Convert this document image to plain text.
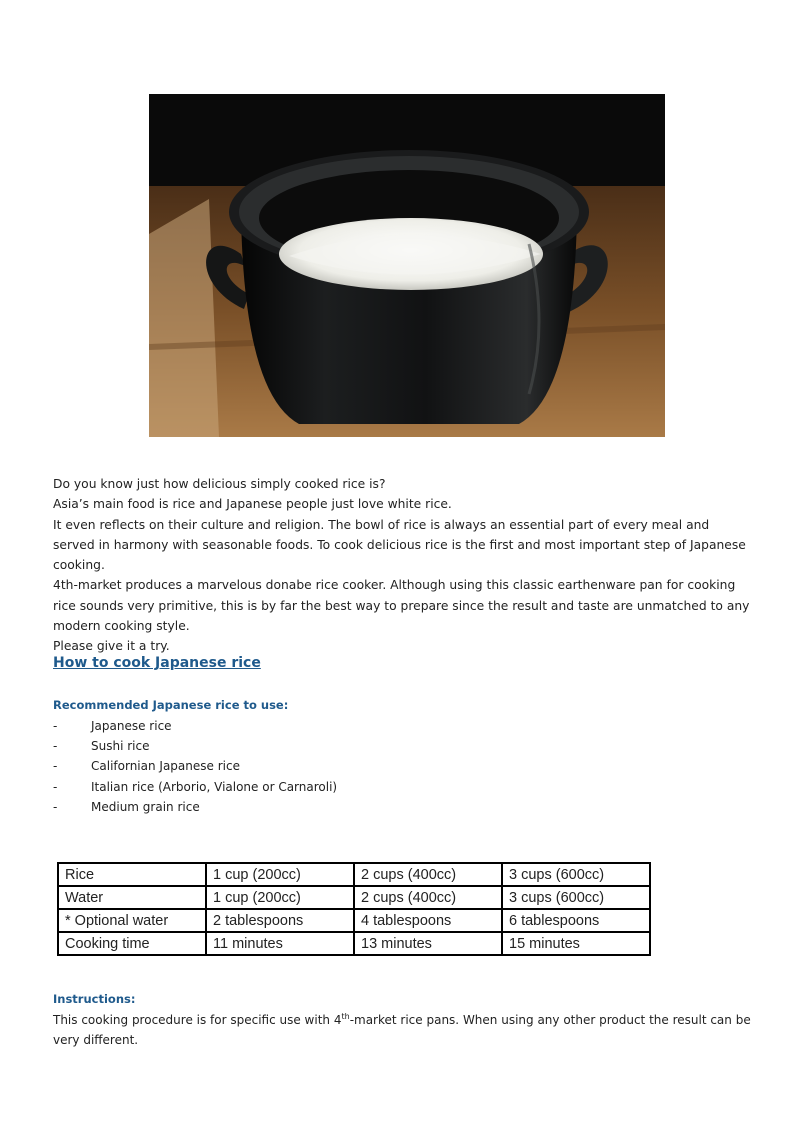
Do you know just how delicious simply cooked rice is?

Asia’s main food is rice and Japanese people just love white rice.

It even reflects on their culture and religion. The bowl of rice is always an essential part of every meal and served in harmony with seasonable foods. To cook delicious rice is the first and most important step of Japanese cooking.

4th-market produces a marvelous donabe rice cooker. Although using this classic earthenware pan for cooking rice sounds very primitive, this is by far the best way to prepare since the result and taste are unmatched to any modern cooking style.

Please give it a try.

How to cook Japanese rice
Recommended Japanese rice to use:
-	Japanese rice
-	Sushi rice
-	Californian Japanese rice
-	Italian rice (Arborio, Vialone or Carnaroli)
-	Medium grain rice
Rice	1 cup (200cc)	2 cups (400cc)	3 cups (600cc)
Water	1 cup (200cc)	2 cups (400cc)	3 cups (600cc)
* Optional water	2 tablespoons	4 tablespoons	6 tablespoons
Cooking time	11 minutes	13 minutes	15 minutes
Instructions:
This cooking procedure is for specific use with 4th-market rice pans. When using any other product the result can be very different.
